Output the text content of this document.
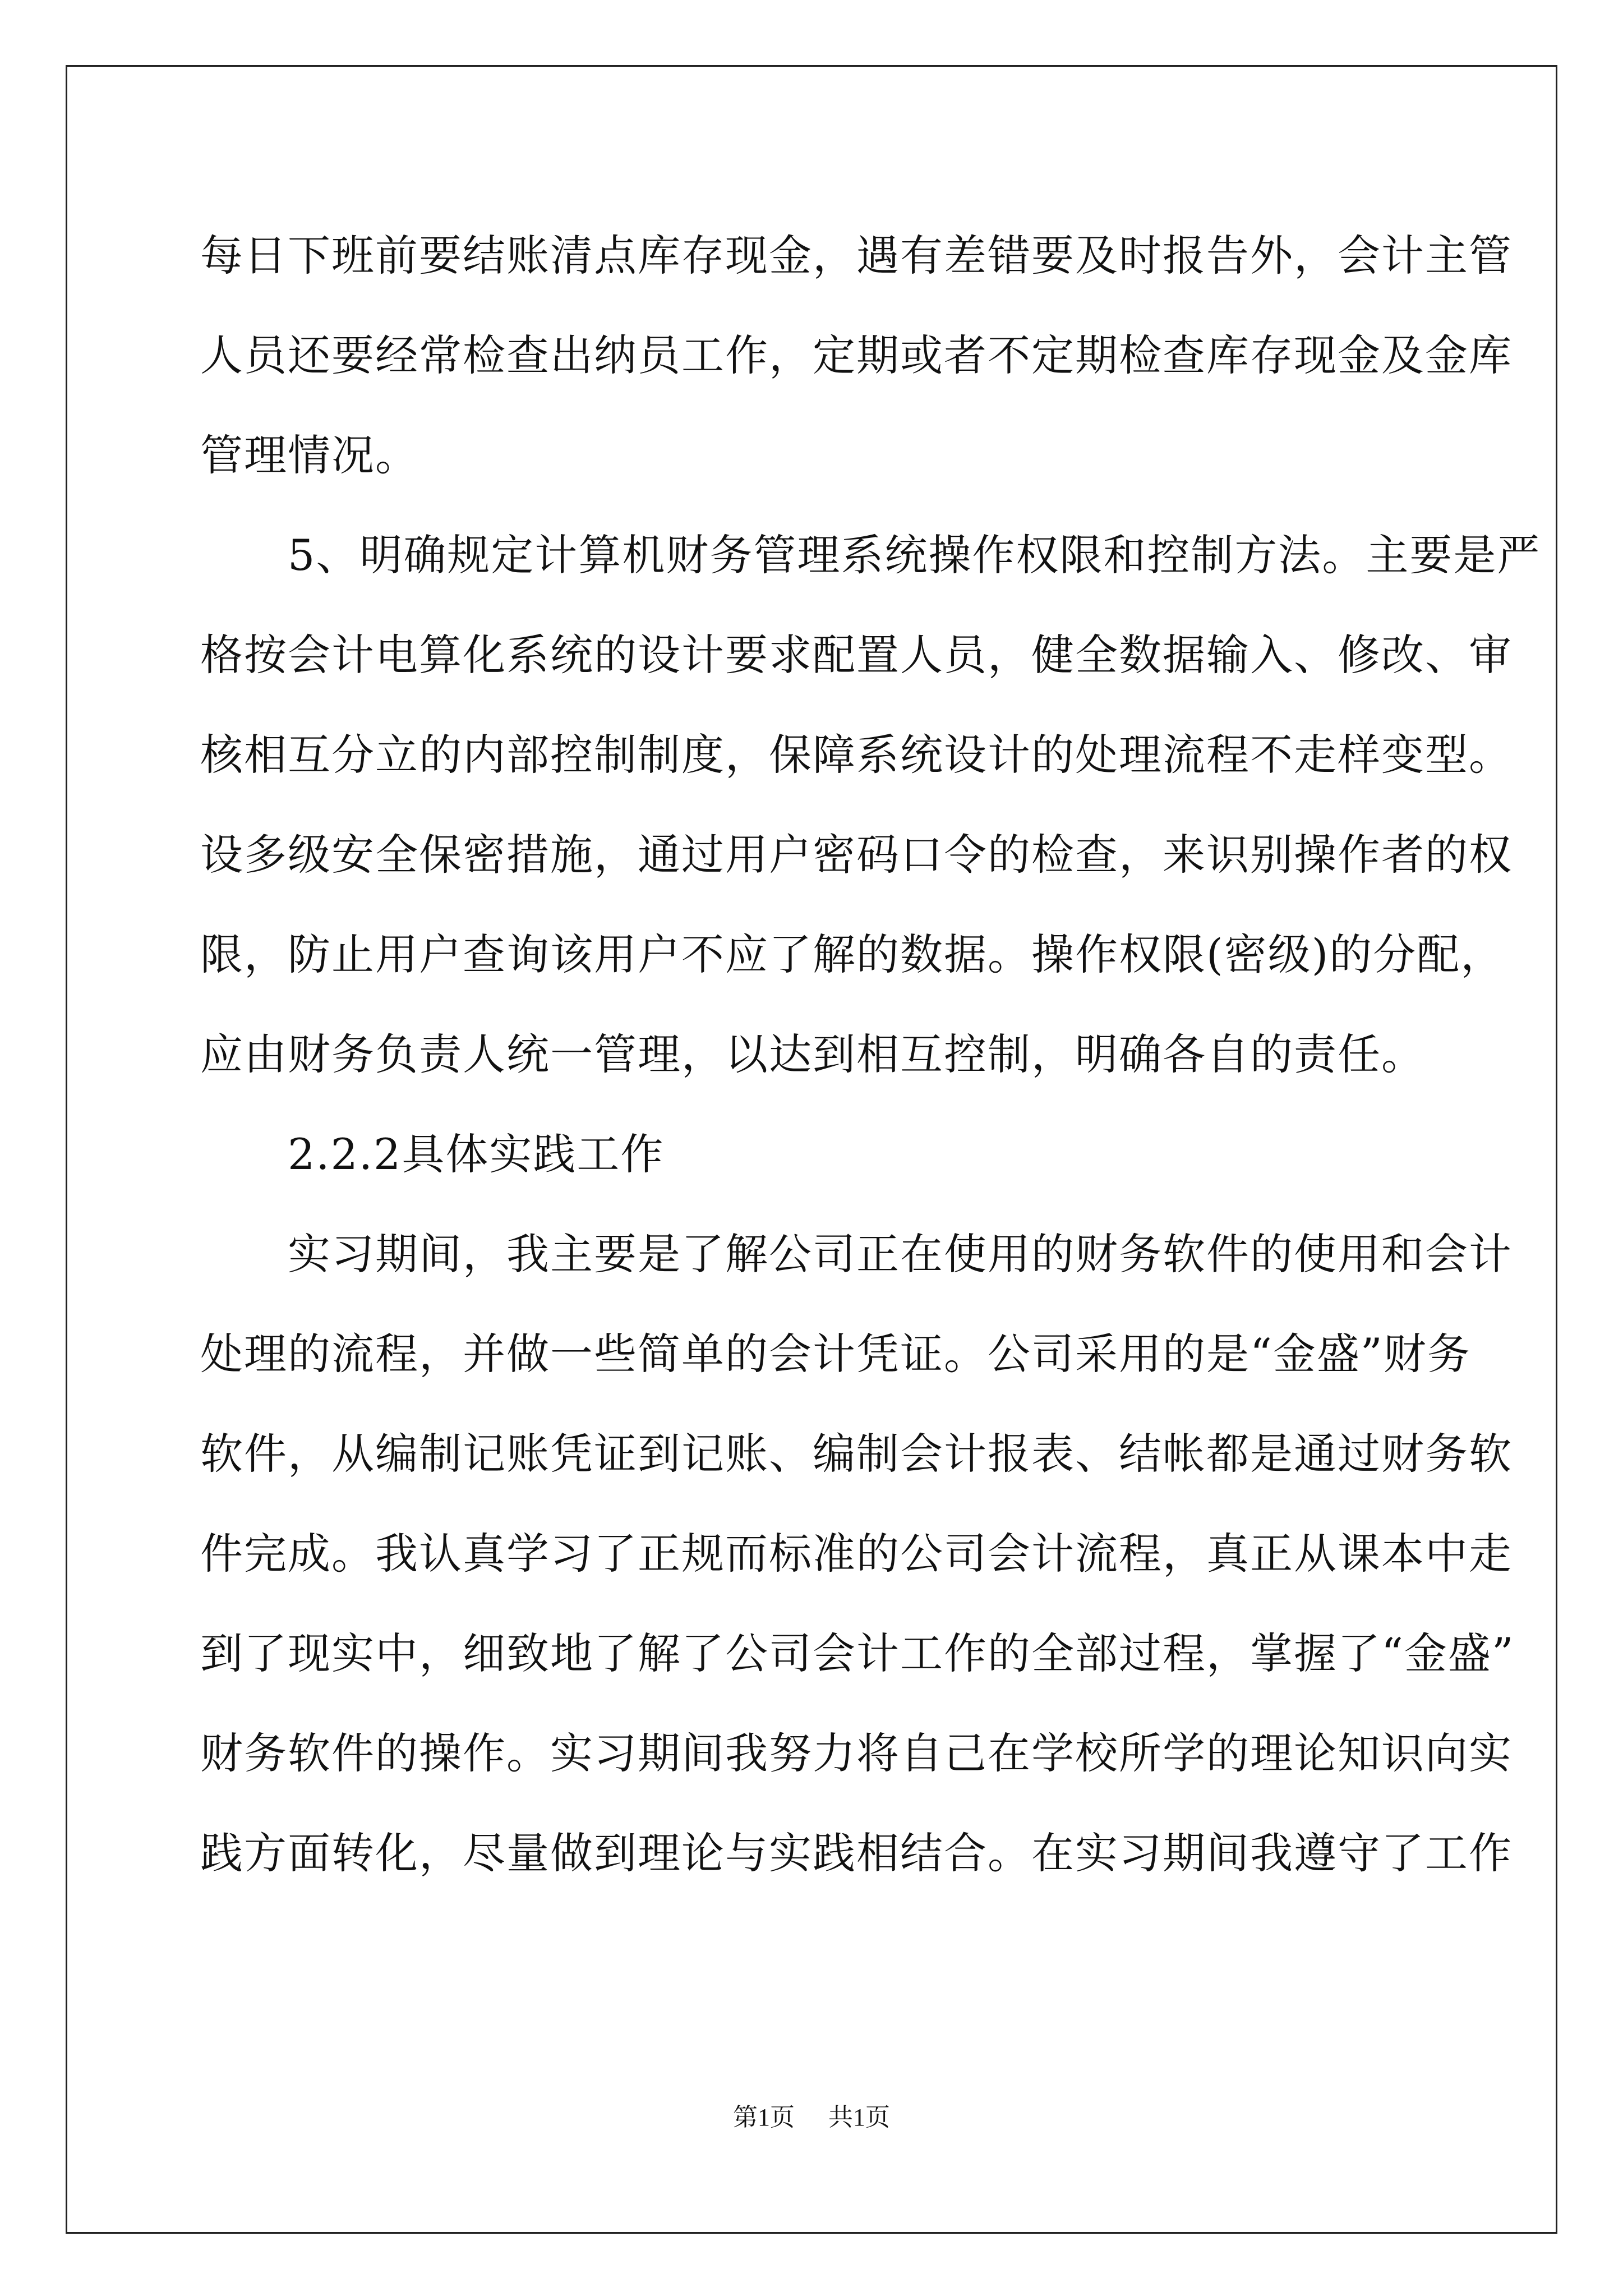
每日下班前要结账清点库存现金，遇有差错要及时报告外，会计主管
人员还要经常检查出纳员工作，定期或者不定期检查库存现金及金库
管理情况。
　　5、明确规定计算机财务管理系统操作权限和控制方法。主要是严
格按会计电算化系统的设计要求配置人员，健全数据输入、修改、审
核相互分立的内部控制制度，保障系统设计的处理流程不走样变型。
设多级安全保密措施，通过用户密码口令的检查，来识别操作者的权
限，防止用户查询该用户不应了解的数据。操作权限(密级)的分配，
应由财务负责人统一管理，以达到相互控制，明确各自的责任。
　　2.2.2具体实践工作
　　实习期间，我主要是了解公司正在使用的财务软件的使用和会计
处理的流程，并做一些简单的会计凭证。公司采用的是“金盛”财务
软件，从编制记账凭证到记账、编制会计报表、结帐都是通过财务软
件完成。我认真学习了正规而标准的公司会计流程，真正从课本中走
到了现实中，细致地了解了公司会计工作的全部过程，掌握了“金盛”
财务软件的操作。实习期间我努力将自己在学校所学的理论知识向实
践方面转化，尽量做到理论与实践相结合。在实习期间我遵守了工作
第1页 共1页
